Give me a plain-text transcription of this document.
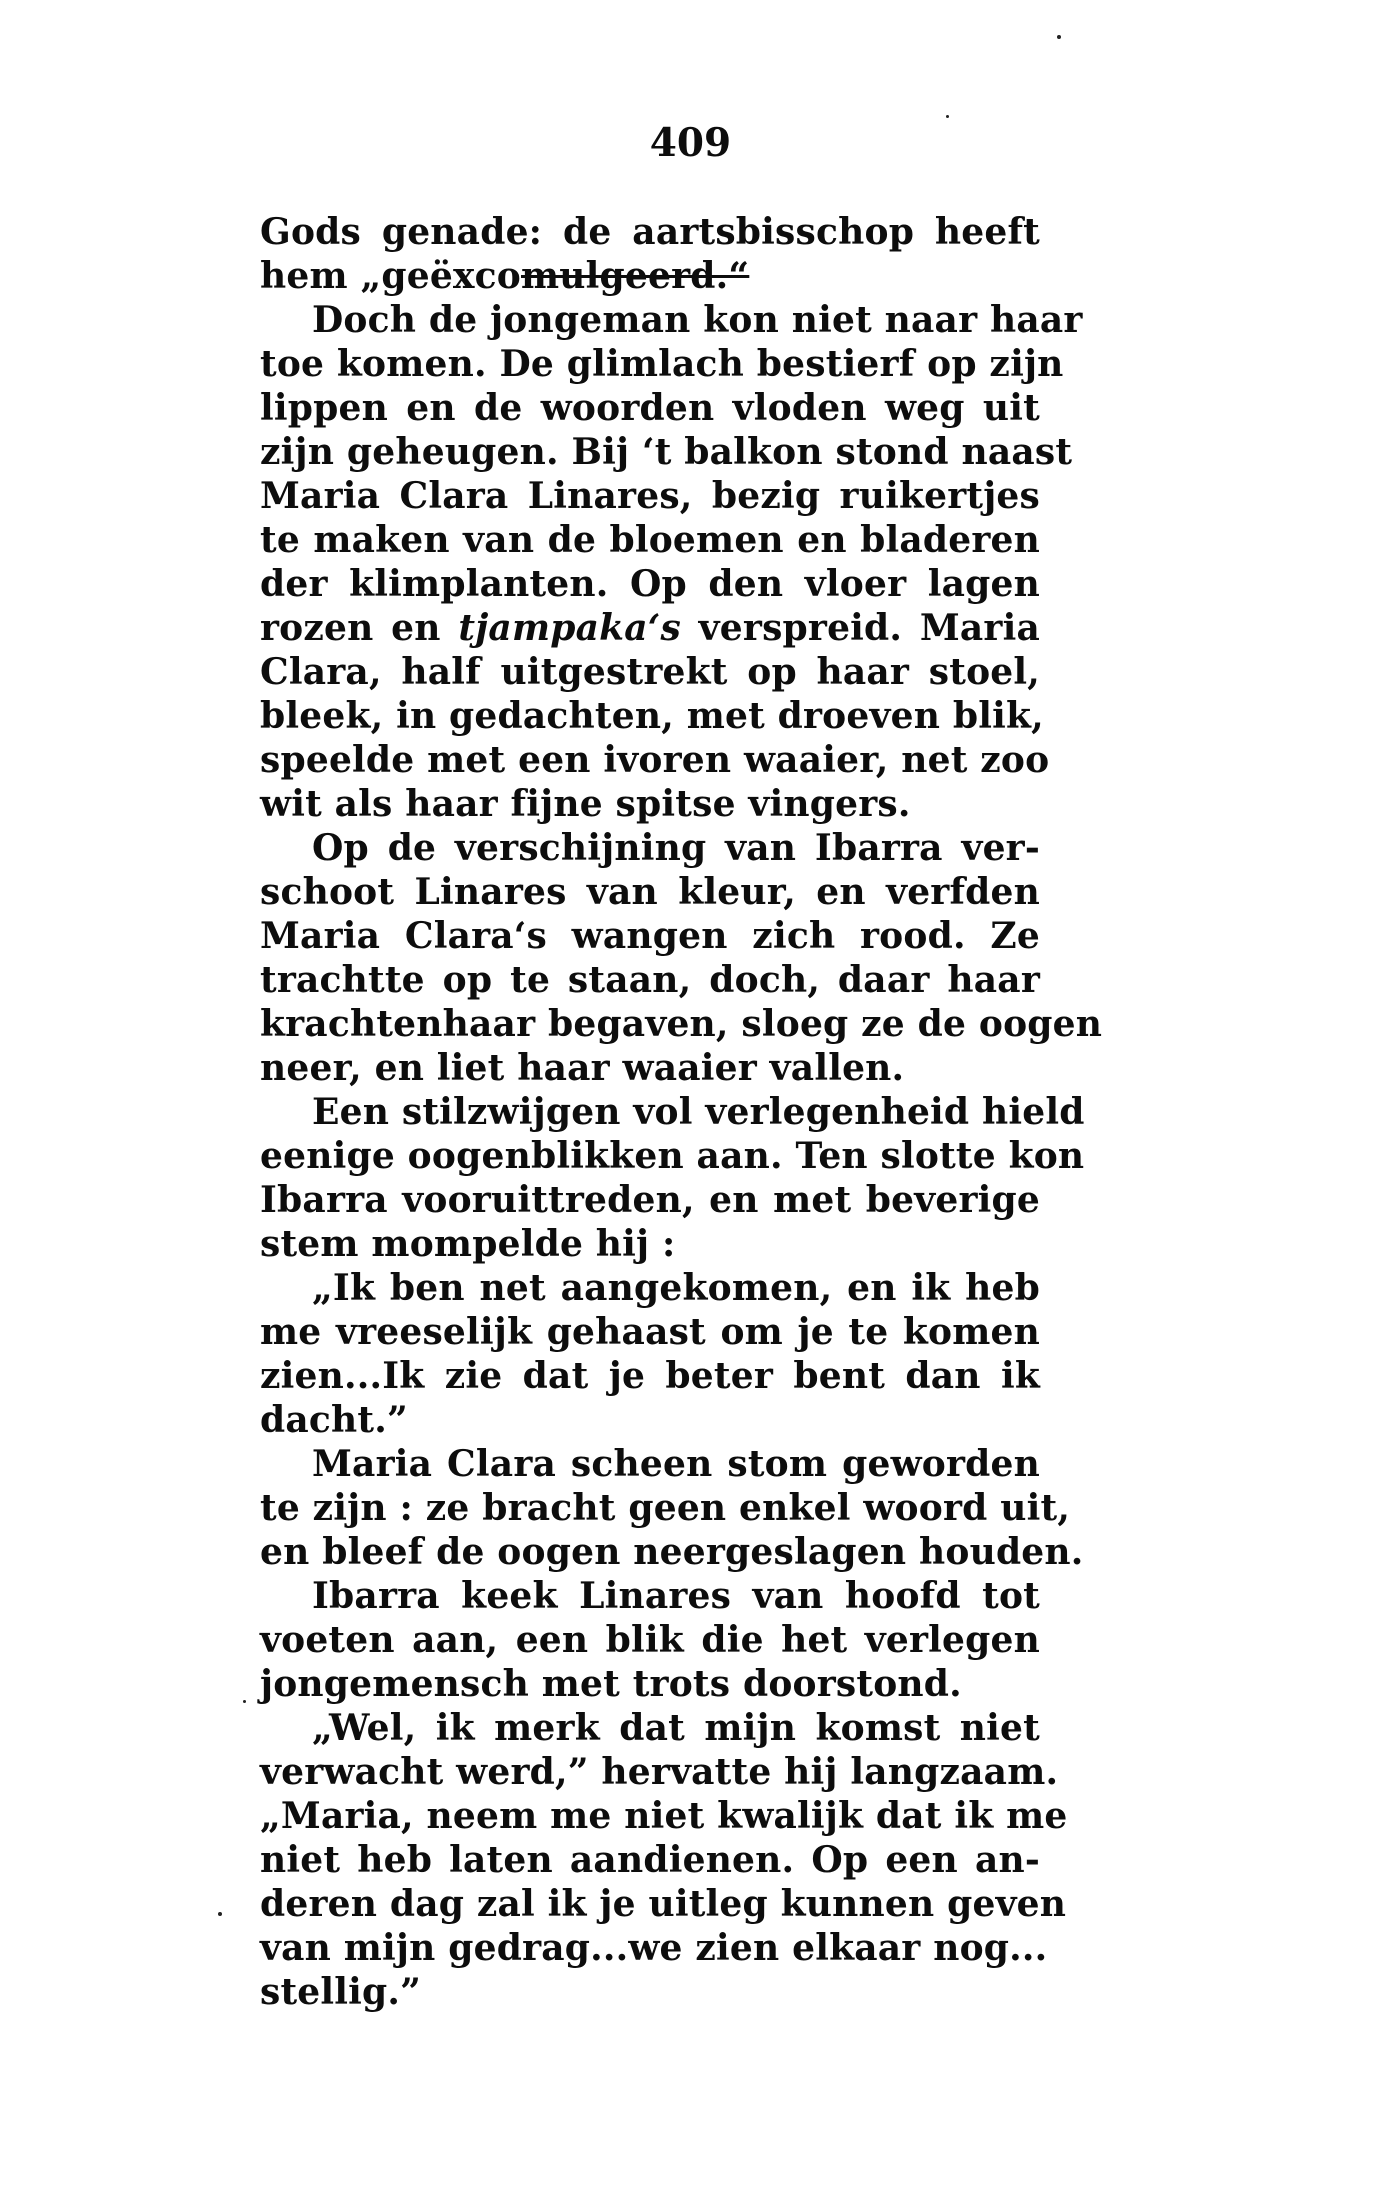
409
Gods genade: de aartsbisschop heeft
hem „geëxcomulgeerd.“
Doch de jongeman kon niet naar haar
toe komen. De glimlach bestierf op zijn
lippen en de woorden vloden weg uit
zijn geheugen. Bij ‘t balkon stond naast
Maria Clara Linares, bezig ruikertjes
te maken van de bloemen en bladeren
der klimplanten. Op den vloer lagen
rozen en tjampaka‘s verspreid. Maria
Clara, half uitgestrekt op haar stoel,
bleek, in gedachten, met droeven blik,
speelde met een ivoren waaier, net zoo
wit als haar fijne spitse vingers.
Op de verschijning van Ibarra ver-
schoot Linares van kleur, en verfden
Maria Clara‘s wangen zich rood. Ze
trachtte op te staan, doch, daar haar
krachtenhaar begaven, sloeg ze de oogen
neer, en liet haar waaier vallen.
Een stilzwijgen vol verlegenheid hield
eenige oogenblikken aan. Ten slotte kon
Ibarra vooruittreden, en met beverige
stem mompelde hij :
„Ik ben net aangekomen, en ik heb
me vreeselijk gehaast om je te komen
zien...Ik zie dat je beter bent dan ik
dacht.”
Maria Clara scheen stom geworden
te zijn : ze bracht geen enkel woord uit,
en bleef de oogen neergeslagen houden.
Ibarra keek Linares van hoofd tot
voeten aan, een blik die het verlegen
jongemensch met trots doorstond.
„Wel, ik merk dat mijn komst niet
verwacht werd,” hervatte hij langzaam.
„Maria, neem me niet kwalijk dat ik me
niet heb laten aandienen. Op een an-
deren dag zal ik je uitleg kunnen geven
van mijn gedrag...we zien elkaar nog...
stellig.”
